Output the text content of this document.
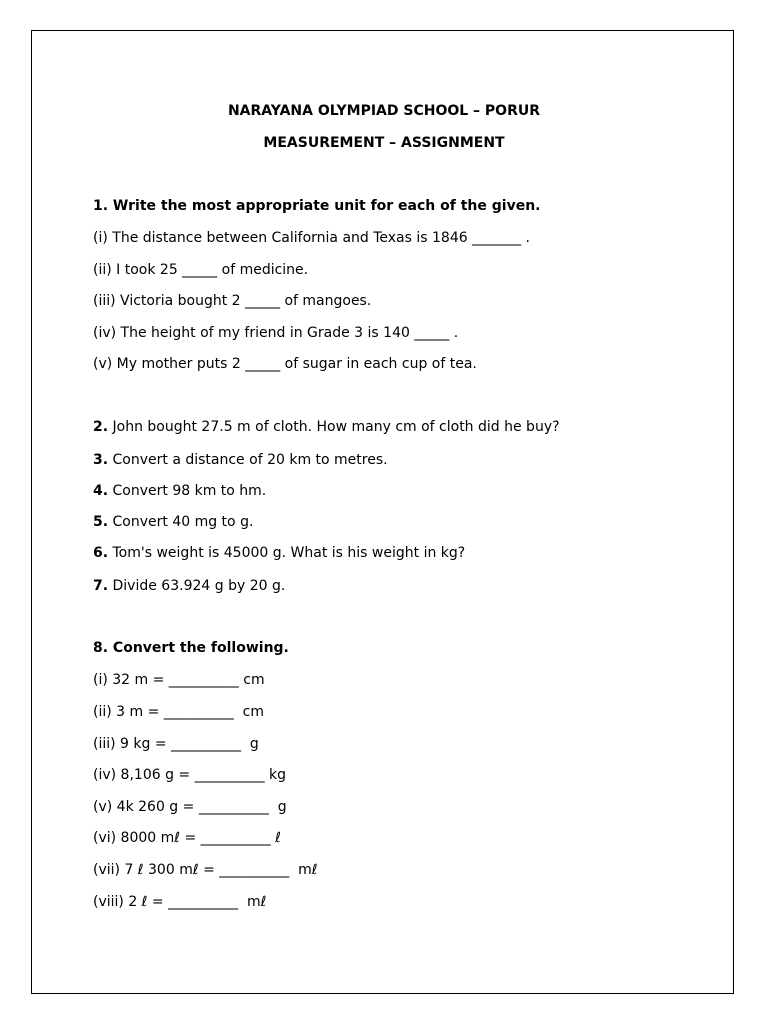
NARAYANA OLYMPIAD SCHOOL – PORUR
MEASUREMENT – ASSIGNMENT
1. Write the most appropriate unit for each of the given.
(i) The distance between California and Texas is 1846 _______ .
(ii) I took 25 _____ of medicine.
(iii) Victoria bought 2 _____ of mangoes.
(iv) The height of my friend in Grade 3 is 140 _____ .
(v) My mother puts 2 _____ of sugar in each cup of tea.
2. John bought 27.5 m of cloth. How many cm of cloth did he buy?
3. Convert a distance of 20 km to metres.
4. Convert 98 km to hm.
5. Convert 40 mg to g.
6. Tom's weight is 45000 g. What is his weight in kg?
7. Divide 63.924 g by 20 g.
8. Convert the following.
(i) 32 m = __________ cm
(ii) 3 m = __________  cm
(iii) 9 kg = __________  g
(iv) 8,106 g = __________ kg
(v) 4k 260 g = __________  g
(vi) 8000 mℓ = __________ ℓ
(vii) 7 ℓ 300 mℓ = __________  mℓ
(viii) 2 ℓ = __________  mℓ
